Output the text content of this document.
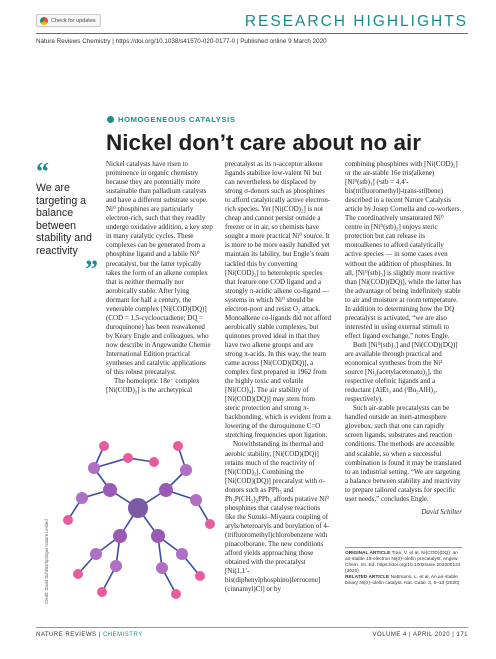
Check for updates	RESEARCH HIGHLIGHTS
Nature Reviews Chemistry | https://doi.org/10.1038/s41570-020-0177-0 | Published online 9 March 2020
HOMOGENEOUS CATALYSIS
Nickel don’t care about no air
“
We are targeting a balance between stability and reactivity
”

Nickel catalysts have risen to prominence in organic chemistry because they are potentially more sustainable than palladium catalysts and have a different substrate scope. Ni⁰ phosphines are particularly electron-rich, such that they readily undergo oxidative addition, a key step in many catalytic cycles. These complexes can be generated from a phosphine ligand and a labile Ni⁰ precatalyst, but the latter typically takes the form of an alkene complex that is neither thermally nor aerobically stable. After lying dormant for half a century, the venerable complex [Ni(COD)(DQ)] (COD = 1,5-cyclooctadiene; DQ = duroquinone) has been reawakened by Keary Engle and colleagues, who now describe in Angewandte Chemie International Edition practical syntheses and catalytic applications of this robust precatalyst.

The homoleptic 18e⁻ complex [Ni(COD)₂] is the archetypical

precatalyst as its π-acceptor alkene ligands stabilize low-valent Ni but can nevertheless be displaced by strong σ-donors such as phosphines to afford catalytically active electron-rich species. Yet [Ni(COD)₂] is not cheap and cannot persist outside a freezer or in air, so chemists have sought a more practical Ni⁰ source. It is more to be more easily handled yet maintain its lability, but Engle’s team tackled this by converting [Ni(COD)₂] to heteroleptic species that feature one COD ligand and a strongly π-acidic alkene co-ligand — systems in which Ni⁰ should be electron-poor and resist O₂ attack. Monoalkene co-ligands did not afford aerobically stable complexes, but quinones proved ideal in that they have two alkene groups and are strong π-acids. In this way, the team came across [Ni(COD)(DQ)], a complex first prepared in 1962 from the highly toxic and volatile [Ni(CO)₄]. The air stability of [Ni(COD)(DQ)] may stem from steric protection and strong π-backbonding, which is evident from a lowering of the duroquinone C=O stretching frequencies upon ligation.

Notwithstanding its thermal and aerobic stability, [Ni(COD)(DQ)] retains much of the reactivity of [Ni(COD)₂]. Combining the [Ni(COD)(DQ)] precatalyst with σ-donors such as PPh₃ and Ph₂P(CH₂)₂PPh₂ affords putative Ni⁰ phosphines that catalyse reactions like the Suzuki–Miyaura coupling of aryls/heteroaryls and borylation of 4-(trifluoromethyl)chlorobenzene with pinacolborane. The new conditions afford yields approaching those obtained with the precatalyst [Ni(1,1′-bis(diphenylphosphino)ferrocene](cinnamyl)Cl] or by

combining phosphines with [Ni(COD)₂] or the air-stable 16e tris(alkene) [Ni⁰(stb)₃] (ˢstb = 4,4′-bis(trifluoromethyl)-trans-stilbene) described in a recent Nature Catalysis article by Josep Cornella and co-workers. The coordinatively unsaturated Ni⁰ centre in [Ni⁰(stb)₃] enjoys steric protection but can release its monoalkenes to afford catalytically active species — in some cases even without the addition of phosphines. In all, [Ni⁰(stb)₃] is slightly more reactive than [Ni(COD)(DQ)], while the latter has the advantage of being indefinitely stable to air and moisture at room temperature. In addition to determining how the DQ precatalyst is activated, “we are also interested in using external stimuli to effect ligand exchange,” notes Engle.

Both [Ni⁰(stb)₃] and [Ni(COD)(DQ)] are available through practical and economical syntheses from the Ni² source [Ni₂(acetylacetonato)₂], the respective olefinic ligands and a reductant (AlEt₃ and (ⁱBu₂AlH)₂, respectively).

Such air-stable precatalysts can be handled outside an inert-atmosphere glovebox, such that one can rapidly screen ligands, substrates and reaction conditions. The methods are accessible and scalable, so when a successful combination is found it may be translated to an industrial setting. “We are targeting a balance between stability and reactivity to prepare tailored catalysts for specific user needs,” concludes Engle.

David Schilter
Credit: David Schilter/Springer Nature Limited	ORIGINAL ARTICLE Tran, V. et al. Ni(COD)(DQ): an air-stable 18-electron Ni(0)–olefin precatalyst. Angew. Chem. Int. Ed. https://doi.org/10.1002/anie.202000124 (2020)
RELATED ARTICLE Nattmann, L. et al. An air-stable binary Ni(0)–olefin catalyst. Nat. Catal. 3, 6–13 (2020)
NATURE REVIEWS | CHEMISTRY	VOLUME 4 | APRIL 2020 | 171
